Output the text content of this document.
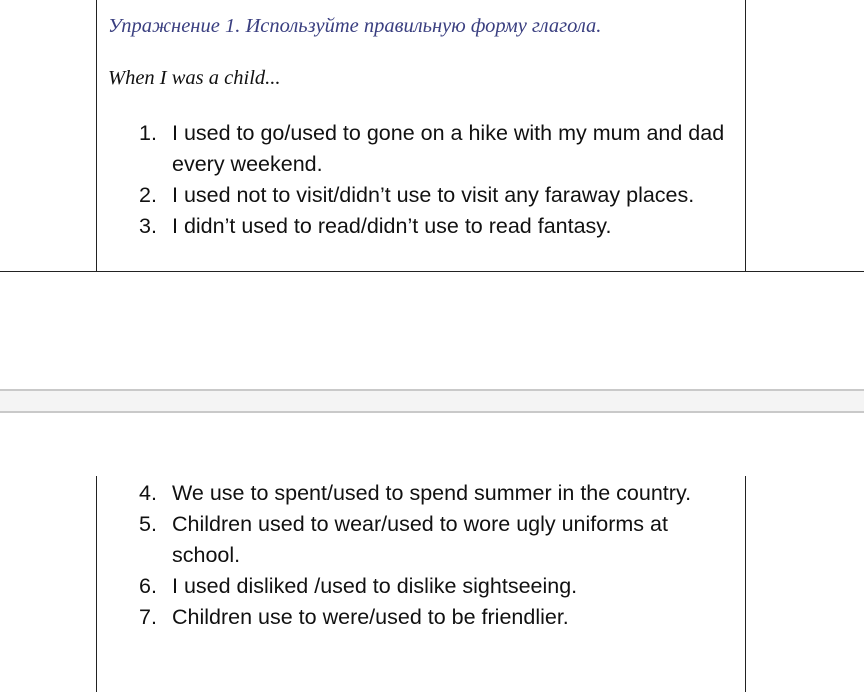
Упражнение 1. Используйте правильную форму глагола.
When I was a child...
1. I used to go/used to gone on a hike with my mum and dad every weekend.
2. I used not to visit/didn’t use to visit any faraway places.
3. I didn’t used to read/didn’t use to read fantasy.
4. We use to spent/used to spend summer in the country.
5. Children used to wear/used to wore ugly uniforms at school.
6. I used disliked /used to dislike sightseeing.
7. Children use to were/used to be friendlier.
